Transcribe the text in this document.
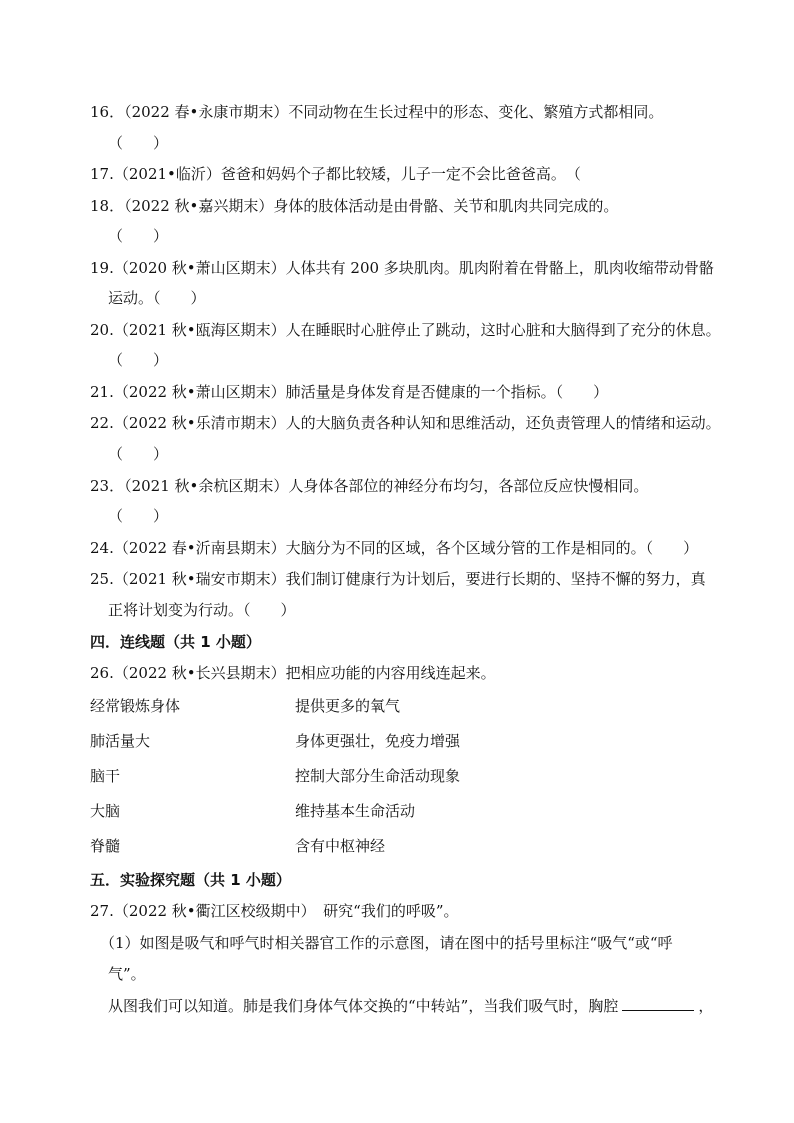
16．（2022 春•永康市期末）不同动物在生长过程中的形态、变化、繁殖方式都相同。
（　　）
17.（2021•临沂）爸爸和妈妈个子都比较矮，儿子一定不会比爸爸高。　（
18．（2022 秋•嘉兴期末）身体的肢体活动是由骨骼、关节和肌肉共同完成的。
（　　）
19.（2020 秋•萧山区期末）人体共有 200 多块肌肉。肌肉附着在骨骼上，肌肉收缩带动骨骼
运动。（　　）
20.（2021 秋•瓯海区期末）人在睡眠时心脏停止了跳动，这时心脏和大脑得到了充分的休息。
（　　）
21.（2022 秋•萧山区期末）肺活量是身体发育是否健康的一个指标。（　　）
22.（2022 秋•乐清市期末）人的大脑负责各种认知和思维活动，还负责管理人的情绪和运动。
（　　）
23．（2021 秋•余杭区期末）人身体各部位的神经分布均匀，各部位反应快慢相同。
（　　）
24.（2022 春•沂南县期末）大脑分为不同的区域，各个区域分管的工作是相同的。（　　）
25.（2021 秋•瑞安市期末）我们制订健康行为计划后，要进行长期的、坚持不懈的努力，真
正将计划变为行动。（　　）
四．连线题（共 1 小题）
26.（2022 秋•长兴县期末）把相应功能的内容用线连起来。
经常锻炼身体	提供更多的氧气
肺活量大	身体更强壮，免疫力增强
脑干	控制大部分生命活动现象
大脑	维持基本生命活动
脊髓	含有中枢神经
五．实验探究题（共 1 小题）
27.（2022 秋•衢江区校级期中）　研究“我们的呼吸”。
（1）如图是吸气和呼气时相关器官工作的示意图，请在图中的括号里标注“吸气“或“呼
气”。
从图我们可以知道。肺是我们身体气体交换的“中转站”，当我们吸气时，胸腔	，
